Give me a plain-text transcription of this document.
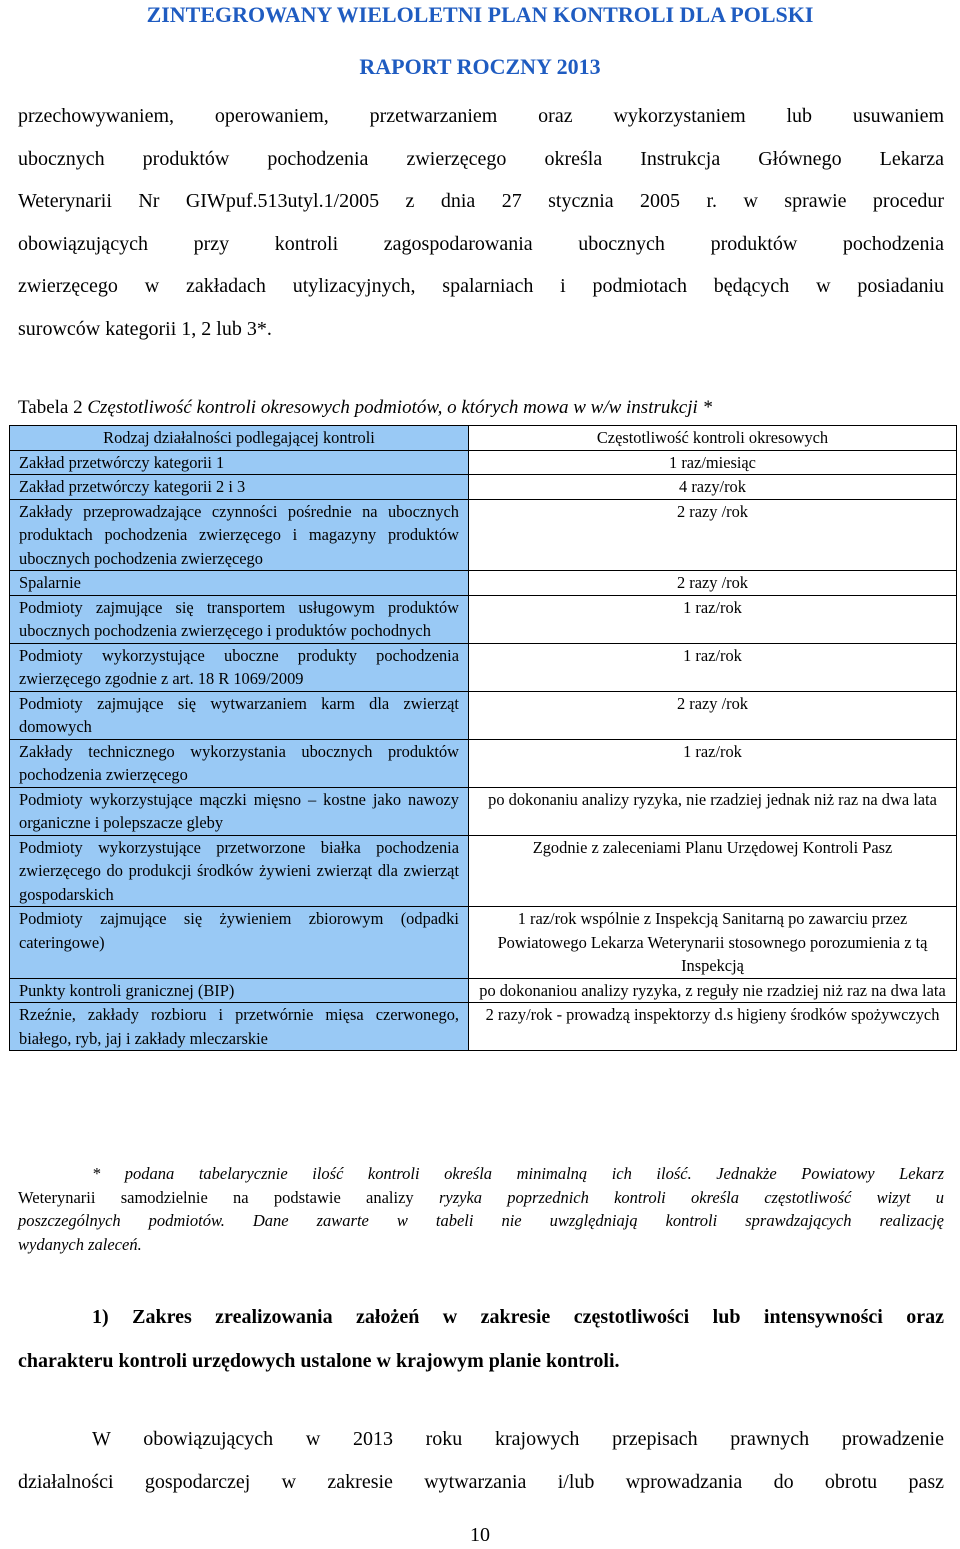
ZINTEGROWANY WIELOLETNI PLAN KONTROLI DLA POLSKI
RAPORT ROCZNY 2013
przechowywaniem, operowaniem, przetwarzaniem oraz wykorzystaniem lub usuwaniem
ubocznych produktów pochodzenia zwierzęcego określa Instrukcja Głównego Lekarza
Weterynarii Nr GIWpuf.513utyl.1/2005 z dnia 27 stycznia 2005 r. w sprawie procedur
obowiązujących przy kontroli zagospodarowania ubocznych produktów pochodzenia
zwierzęcego w zakładach utylizacyjnych, spalarniach i podmiotach będących w posiadaniu
surowców kategorii 1, 2 lub 3*.
Tabela 2 Częstotliwość kontroli okresowych podmiotów, o których mowa w w/w instrukcji *
Rodzaj działalności podlegającej kontroli	Częstotliwość kontroli okresowych
Zakład przetwórczy kategorii 1	1 raz/miesiąc
Zakład przetwórczy kategorii 2 i 3	4 razy/rok
Zakłady przeprowadzające czynności pośrednie na ubocznych produktach pochodzenia zwierzęcego i magazyny produktów ubocznych pochodzenia zwierzęcego	2 razy /rok
Spalarnie	2 razy /rok
Podmioty zajmujące się transportem usługowym produktów ubocznych pochodzenia zwierzęcego i produktów pochodnych	1 raz/rok
Podmioty wykorzystujące uboczne produkty pochodzenia zwierzęcego zgodnie z art. 18 R 1069/2009	1 raz/rok
Podmioty zajmujące się wytwarzaniem karm dla zwierząt domowych	2 razy /rok
Zakłady technicznego wykorzystania ubocznych produktów pochodzenia zwierzęcego	1 raz/rok
Podmioty wykorzystujące mączki mięsno – kostne jako nawozy organiczne i polepszacze gleby	po dokonaniu analizy ryzyka, nie rzadziej jednak niż raz na dwa lata
Podmioty wykorzystujące przetworzone białka pochodzenia zwierzęcego do produkcji środków żywieni zwierząt dla zwierząt gospodarskich	Zgodnie z zaleceniami Planu Urzędowej Kontroli Pasz
Podmioty zajmujące się żywieniem zbiorowym (odpadki cateringowe)	1 raz/rok wspólnie z Inspekcją Sanitarną po zawarciu przez Powiatowego Lekarza Weterynarii stosownego porozumienia z tą Inspekcją
Punkty kontroli granicznej (BIP)	po dokonaniou analizy ryzyka, z reguły nie rzadziej niż raz na dwa lata
Rzeźnie, zakłady rozbioru i przetwórnie mięsa czerwonego, białego, ryb, jaj i zakłady mleczarskie	2 razy/rok - prowadzą inspektorzy d.s higieny środków spożywczych
* podana tabelarycznie ilość kontroli określa minimalną ich ilość. Jednakże Powiatowy Lekarz
Weterynarii samodzielnie na podstawie analizy ryzyka poprzednich kontroli określa częstotliwość wizyt u
poszczególnych podmiotów. Dane zawarte w tabeli nie uwzględniają kontroli sprawdzających realizację
wydanych zaleceń.
1) Zakres zrealizowania założeń w zakresie częstotliwości lub intensywności oraz
charakteru kontroli urzędowych ustalone w krajowym planie kontroli.
W obowiązujących w 2013 roku krajowych przepisach prawnych prowadzenie
działalności gospodarczej w zakresie wytwarzania i/lub wprowadzania do obrotu pasz
10
